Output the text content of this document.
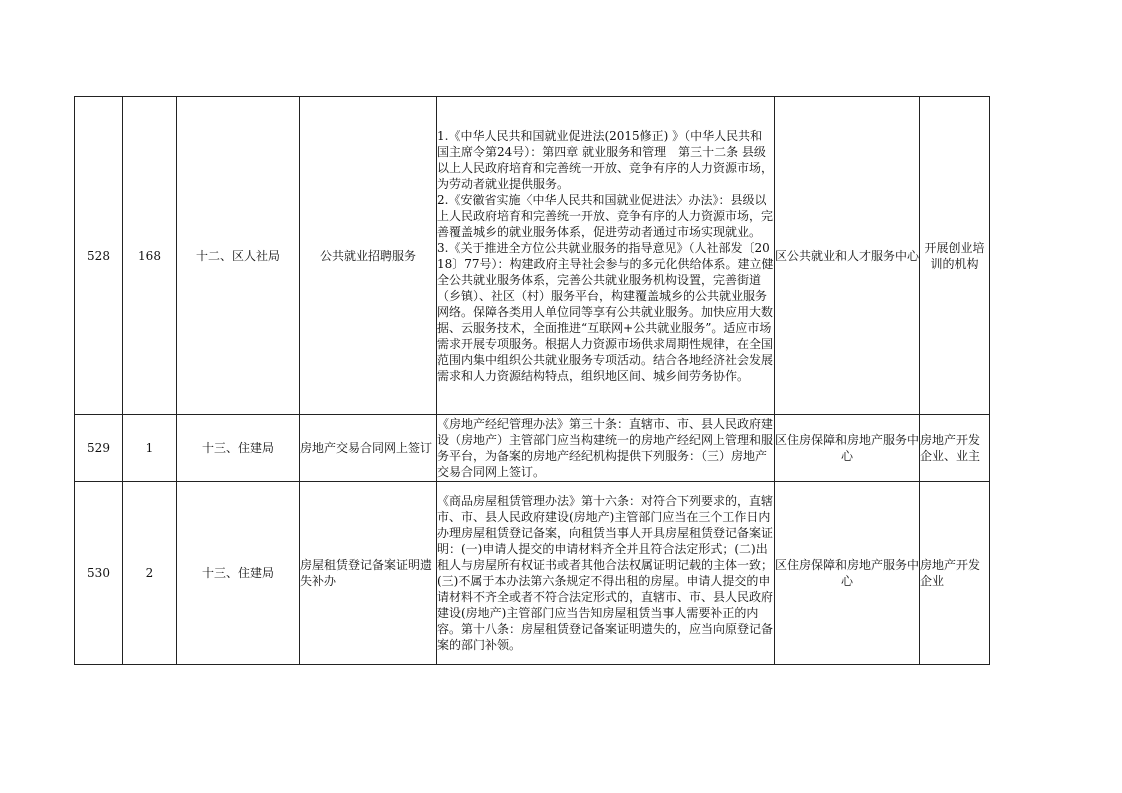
528	168	十二、区人社局	公共就业招聘服务	1.《中华人民共和国就业促进法(2015修正) 》（中华人民共和国主席令第24号）：第四章 就业服务和管理　第三十二条 县级以上人民政府培育和完善统一开放、竞争有序的人力资源市场，为劳动者就业提供服务。
2.《安徽省实施〈中华人民共和国就业促进法〉办法》：县级以上人民政府培育和完善统一开放、竞争有序的人力资源市场，完善覆盖城乡的就业服务体系，促进劳动者通过市场实现就业。
3.《关于推进全方位公共就业服务的指导意见》（人社部发〔2018〕77号）：构建政府主导社会参与的多元化供给体系。建立健全公共就业服务体系，完善公共就业服务机构设置，完善街道（乡镇）、社区（村）服务平台，构建覆盖城乡的公共就业服务网络。保障各类用人单位同等享有公共就业服务。加快应用大数据、云服务技术，全面推进“互联网+公共就业服务”。适应市场需求开展专项服务。根据人力资源市场供求周期性规律，在全国范围内集中组织公共就业服务专项活动。结合各地经济社会发展需求和人力资源结构特点，组织地区间、城乡间劳务协作。	区公共就业和人才服务中心	开展创业培训的机构
529	1	十三、住建局	房地产交易合同网上签订	《房地产经纪管理办法》第三十条：直辖市、市、县人民政府建设（房地产）主管部门应当构建统一的房地产经纪网上管理和服务平台，为备案的房地产经纪机构提供下列服务：（三）房地产交易合同网上签订。	区住房保障和房地产服务中心	房地产开发企业、业主
530	2	十三、住建局	房屋租赁登记备案证明遗失补办	《商品房屋租赁管理办法》第十六条：对符合下列要求的，直辖市、市、县人民政府建设(房地产)主管部门应当在三个工作日内办理房屋租赁登记备案，向租赁当事人开具房屋租赁登记备案证明：(一)申请人提交的申请材料齐全并且符合法定形式；(二)出租人与房屋所有权证书或者其他合法权属证明记载的主体一致；(三)不属于本办法第六条规定不得出租的房屋。申请人提交的申请材料不齐全或者不符合法定形式的，直辖市、市、县人民政府建设(房地产)主管部门应当告知房屋租赁当事人需要补正的内容。第十八条：房屋租赁登记备案证明遗失的，应当向原登记备案的部门补领。	区住房保障和房地产服务中心	房地产开发企业
